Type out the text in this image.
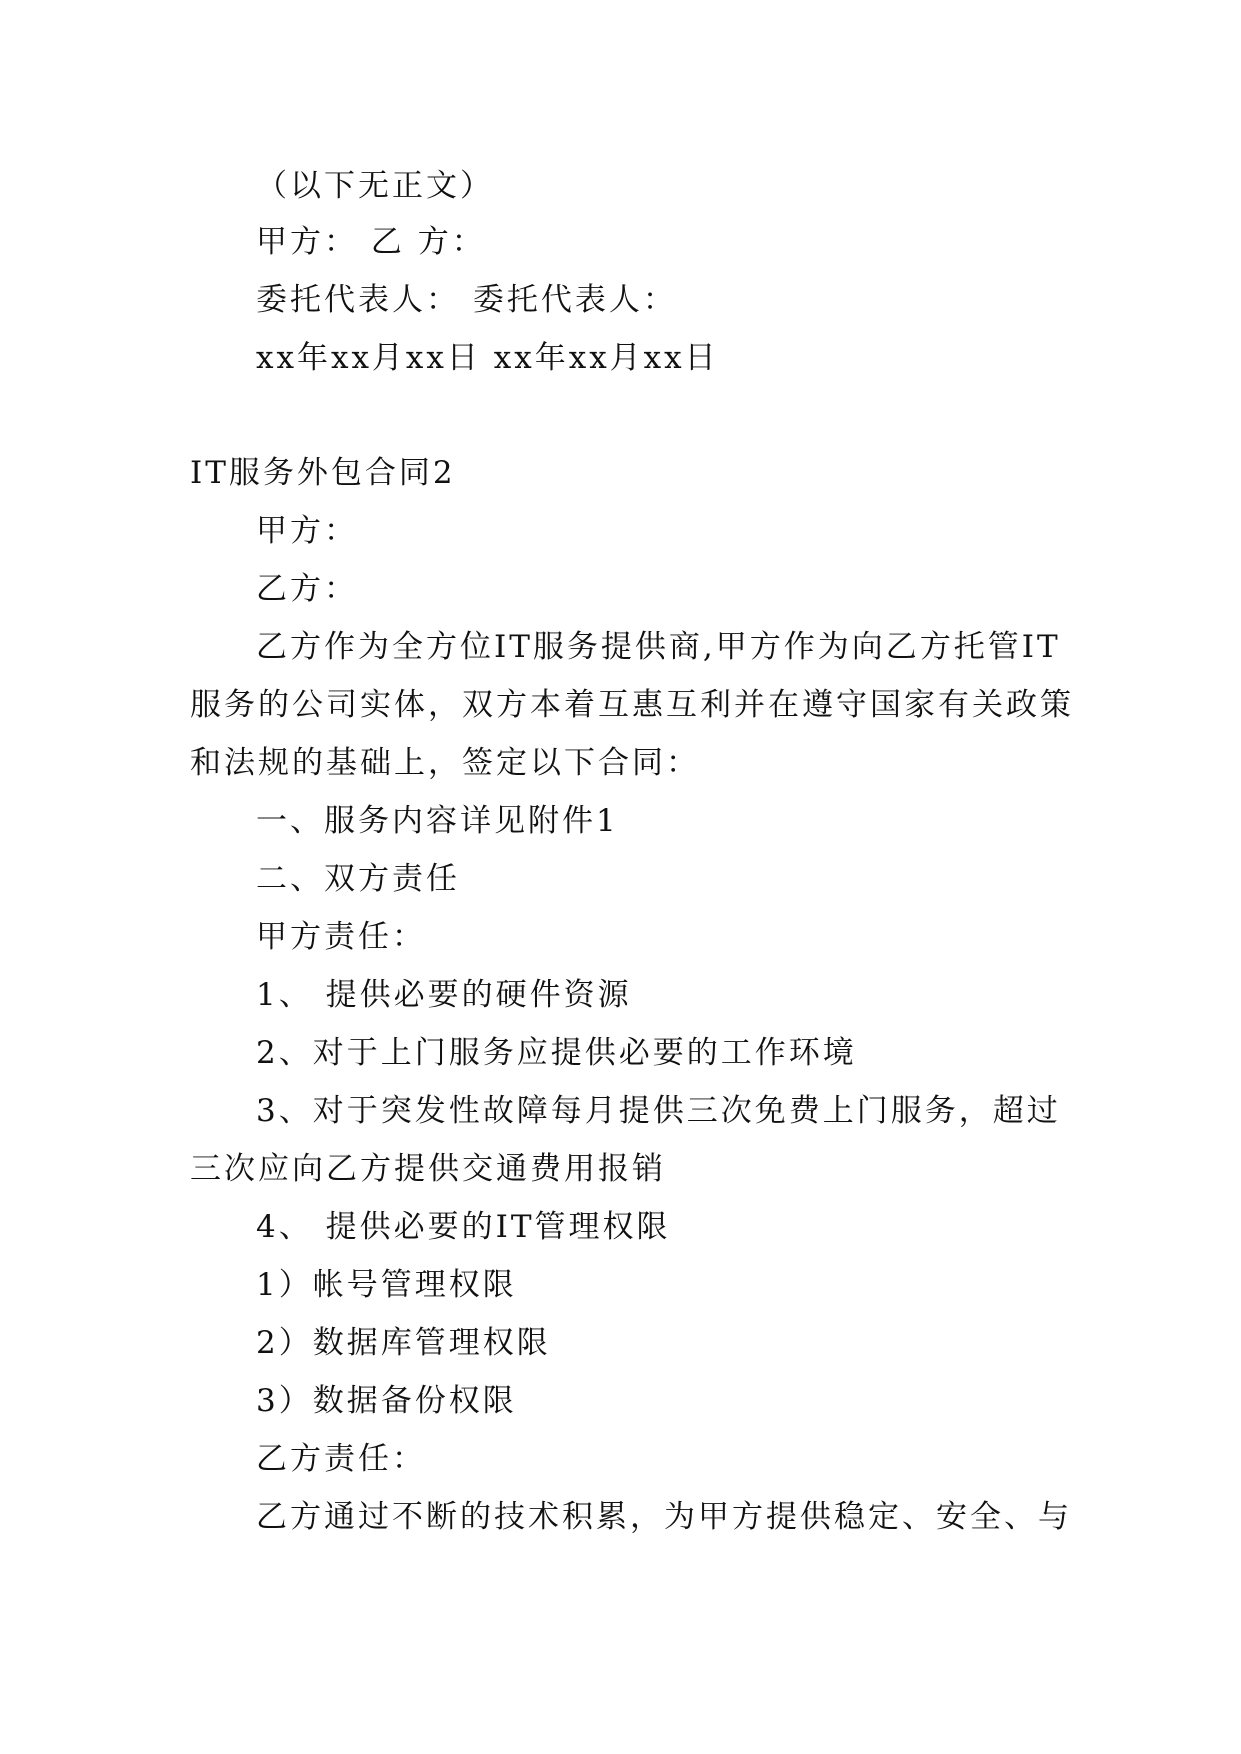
（以下无正文）
甲方： 乙 方：
委托代表人： 委托代表人：
xx年xx月xx日 xx年xx月xx日
IT服务外包合同2
甲方：
乙方：
乙方作为全方位IT服务提供商,甲方作为向乙方托管IT
服务的公司实体，双方本着互惠互利并在遵守国家有关政策
和法规的基础上，签定以下合同：
一、服务内容详见附件1
二、双方责任
甲方责任：
1、 提供必要的硬件资源
2、对于上门服务应提供必要的工作环境
3、对于突发性故障每月提供三次免费上门服务，超过
三次应向乙方提供交通费用报销
4、 提供必要的IT管理权限
1）帐号管理权限
2）数据库管理权限
3）数据备份权限
乙方责任：
乙方通过不断的技术积累，为甲方提供稳定、安全、与
